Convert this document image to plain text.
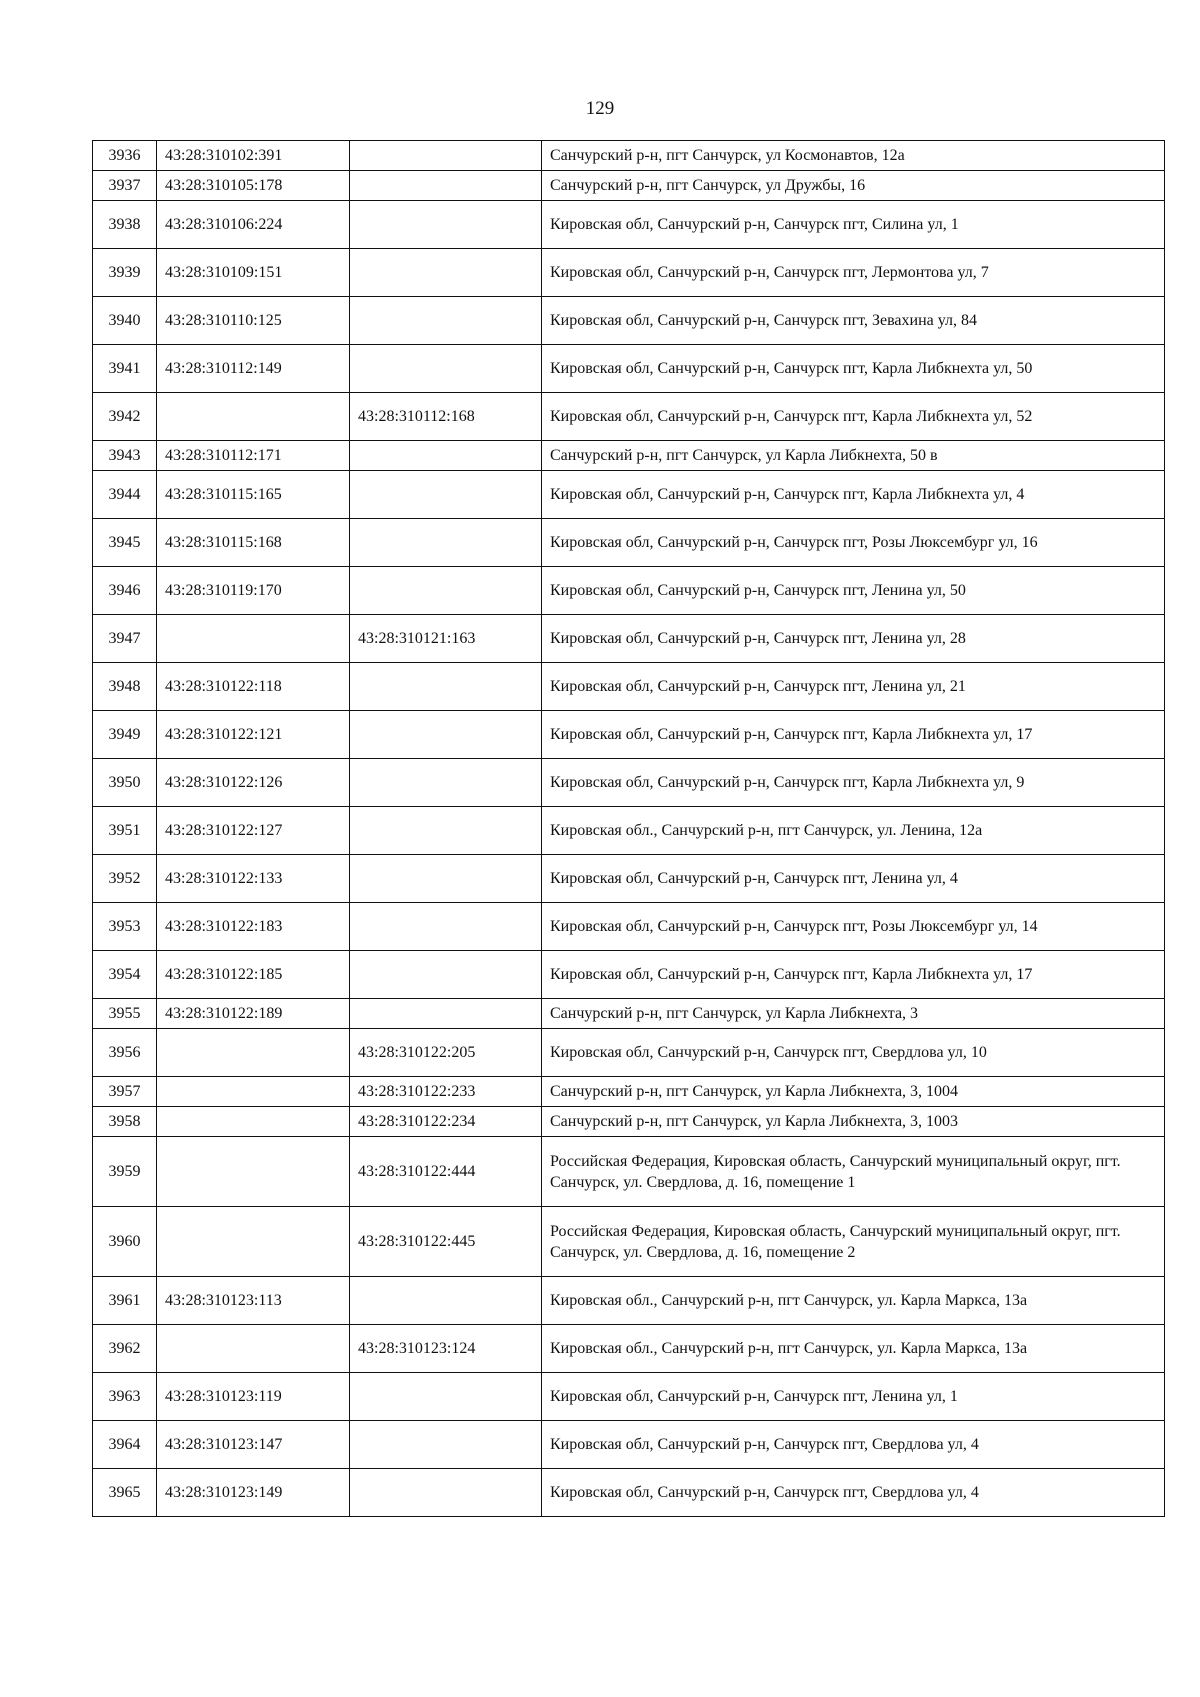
129
3936	43:28:310102:391		Санчурский р-н, пгт Санчурск, ул Космонавтов, 12а
3937	43:28:310105:178		Санчурский р-н, пгт Санчурск, ул Дружбы, 16
3938	43:28:310106:224		Кировская обл, Санчурский р-н, Санчурск пгт, Силина ул, 1
3939	43:28:310109:151		Кировская обл, Санчурский р-н, Санчурск пгт, Лермонтова ул, 7
3940	43:28:310110:125		Кировская обл, Санчурский р-н, Санчурск пгт, Зевахина ул, 84
3941	43:28:310112:149		Кировская обл, Санчурский р-н, Санчурск пгт, Карла Либкнехта ул, 50
3942		43:28:310112:168	Кировская обл, Санчурский р-н, Санчурск пгт, Карла Либкнехта ул, 52
3943	43:28:310112:171		Санчурский р-н, пгт Санчурск, ул Карла Либкнехта, 50 в
3944	43:28:310115:165		Кировская обл, Санчурский р-н, Санчурск пгт, Карла Либкнехта ул, 4
3945	43:28:310115:168		Кировская обл, Санчурский р-н, Санчурск пгт, Розы Люксембург ул, 16
3946	43:28:310119:170		Кировская обл, Санчурский р-н, Санчурск пгт, Ленина ул, 50
3947		43:28:310121:163	Кировская обл, Санчурский р-н, Санчурск пгт, Ленина ул, 28
3948	43:28:310122:118		Кировская обл, Санчурский р-н, Санчурск пгт, Ленина ул, 21
3949	43:28:310122:121		Кировская обл, Санчурский р-н, Санчурск пгт, Карла Либкнехта ул, 17
3950	43:28:310122:126		Кировская обл, Санчурский р-н, Санчурск пгт, Карла Либкнехта ул, 9
3951	43:28:310122:127		Кировская обл., Санчурский р-н, пгт Санчурск, ул. Ленина, 12а
3952	43:28:310122:133		Кировская обл, Санчурский р-н, Санчурск пгт, Ленина ул, 4
3953	43:28:310122:183		Кировская обл, Санчурский р-н, Санчурск пгт, Розы Люксембург ул, 14
3954	43:28:310122:185		Кировская обл, Санчурский р-н, Санчурск пгт, Карла Либкнехта ул, 17
3955	43:28:310122:189		Санчурский р-н, пгт Санчурск, ул Карла Либкнехта, 3
3956		43:28:310122:205	Кировская обл, Санчурский р-н, Санчурск пгт, Свердлова ул, 10
3957		43:28:310122:233	Санчурский р-н, пгт Санчурск, ул Карла Либкнехта, 3, 1004
3958		43:28:310122:234	Санчурский р-н, пгт Санчурск, ул Карла Либкнехта, 3, 1003
3959		43:28:310122:444	Российская Федерация, Кировская область, Санчурский муниципальный округ, пгт. Санчурск, ул. Свердлова, д. 16, помещение 1
3960		43:28:310122:445	Российская Федерация, Кировская область, Санчурский муниципальный округ, пгт. Санчурск, ул. Свердлова, д. 16, помещение 2
3961	43:28:310123:113		Кировская обл., Санчурский р-н, пгт Санчурск, ул. Карла Маркса, 13а
3962		43:28:310123:124	Кировская обл., Санчурский р-н, пгт Санчурск, ул. Карла Маркса, 13а
3963	43:28:310123:119		Кировская обл, Санчурский р-н, Санчурск пгт, Ленина ул, 1
3964	43:28:310123:147		Кировская обл, Санчурский р-н, Санчурск пгт, Свердлова ул, 4
3965	43:28:310123:149		Кировская обл, Санчурский р-н, Санчурск пгт, Свердлова ул, 4
